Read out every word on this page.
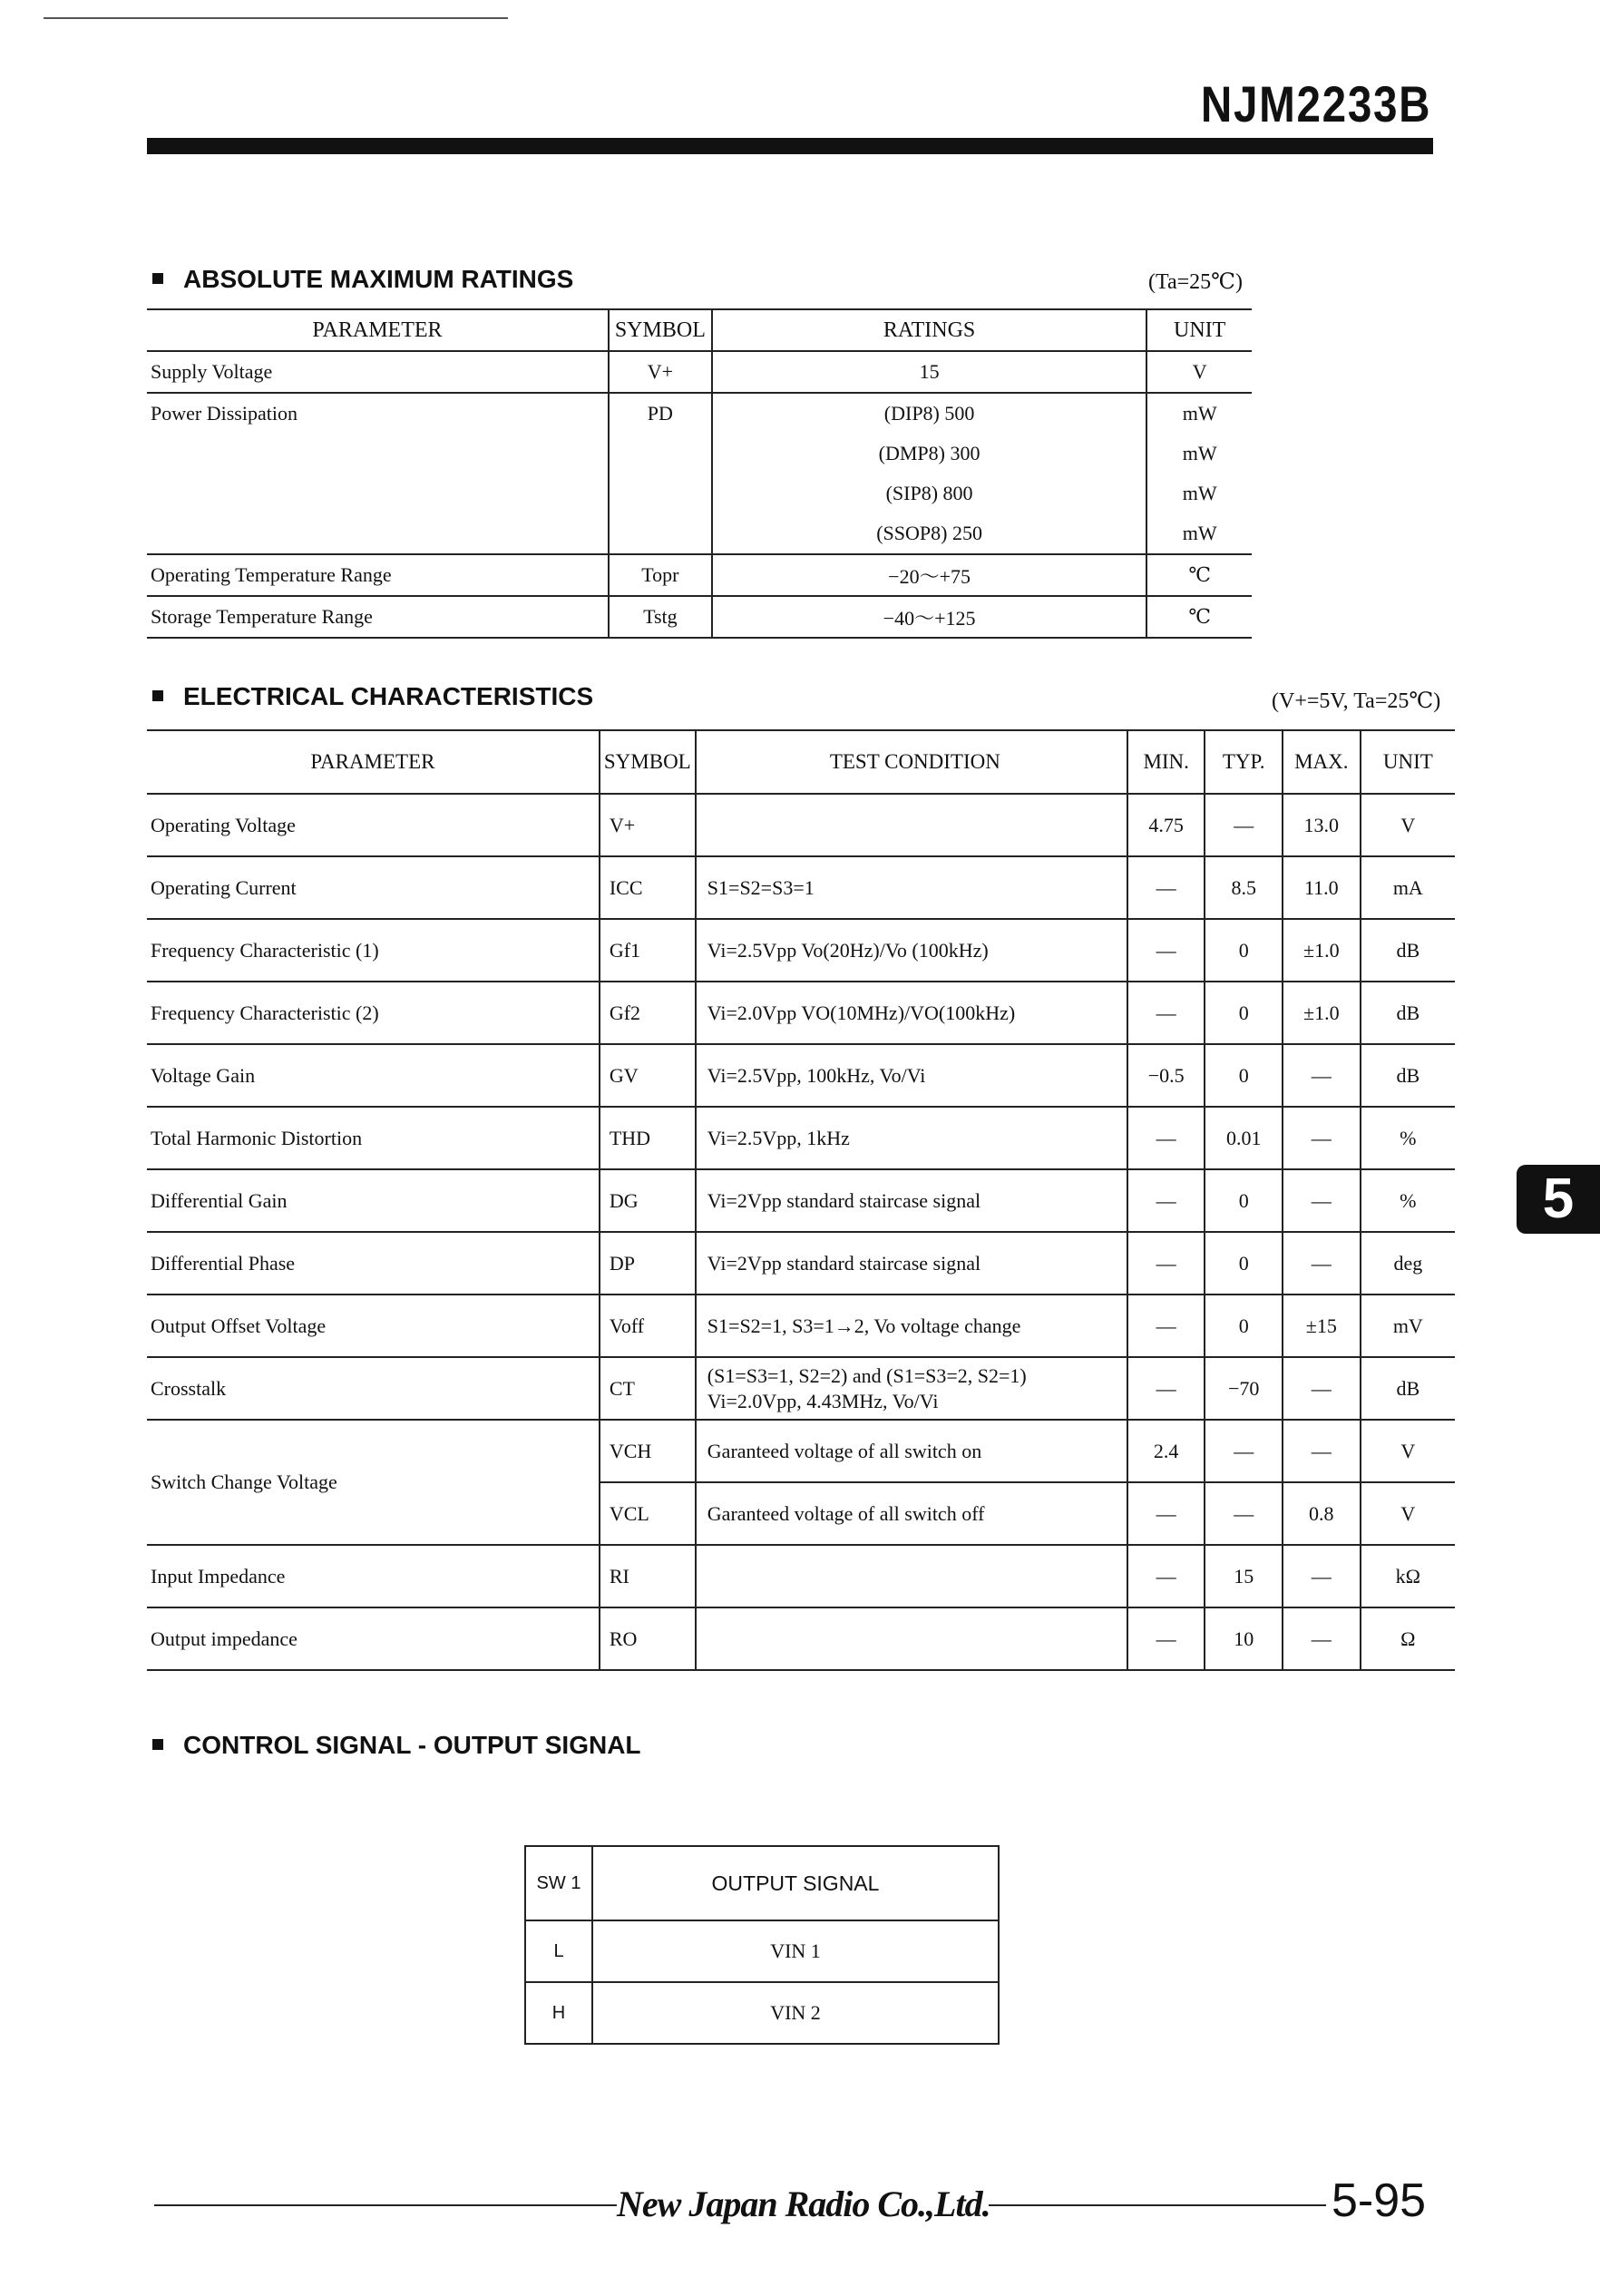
NJM2233B
ABSOLUTE MAXIMUM RATINGS	(Ta=25℃)
PARAMETER	SYMBOL	RATINGS	UNIT
Supply Voltage	V+	15	V
Power Dissipation	PD	(DIP8) 500	mW
		(DMP8) 300	mW
		(SIP8) 800	mW
		(SSOP8) 250	mW
Operating Temperature Range	Topr	−20〜+75	℃
Storage Temperature Range	Tstg	−40〜+125	℃
ELECTRICAL CHARACTERISTICS	(V+=5V, Ta=25℃)
PARAMETER	SYMBOL	TEST CONDITION	MIN.	TYP.	MAX.	UNIT
Operating Voltage	V+		4.75	—	13.0	V
Operating Current	ICC	S1=S2=S3=1	—	8.5	11.0	mA
Frequency Characteristic (1)	Gf1	Vi=2.5Vpp Vo(20Hz)/Vo (100kHz)	—	0	±1.0	dB
Frequency Characteristic (2)	Gf2	Vi=2.0Vpp VO(10MHz)/VO(100kHz)	—	0	±1.0	dB
Voltage Gain	GV	Vi=2.5Vpp, 100kHz, Vo/Vi	−0.5	0	—	dB
Total Harmonic Distortion	THD	Vi=2.5Vpp, 1kHz	—	0.01	—	%
Differential Gain	DG	Vi=2Vpp standard staircase signal	—	0	—	%
Differential Phase	DP	Vi=2Vpp standard staircase signal	—	0	—	deg
Output Offset Voltage	Voff	S1=S2=1, S3=1→2, Vo voltage change	—	0	±15	mV
Crosstalk	CT	(S1=S3=1, S2=2) and (S1=S3=2, S2=1) Vi=2.0Vpp, 4.43MHz, Vo/Vi	—	−70	—	dB
Switch Change Voltage	VCH	Garanteed voltage of all switch on	2.4	—	—	V
	VCL	Garanteed voltage of all switch off	—	—	0.8	V
Input Impedance	RI		—	15	—	kΩ
Output impedance	RO		—	10	—	Ω
5
CONTROL SIGNAL - OUTPUT SIGNAL
SW 1	OUTPUT SIGNAL
L	VIN 1
H	VIN 2
New Japan Radio Co.,Ltd.	5-95
